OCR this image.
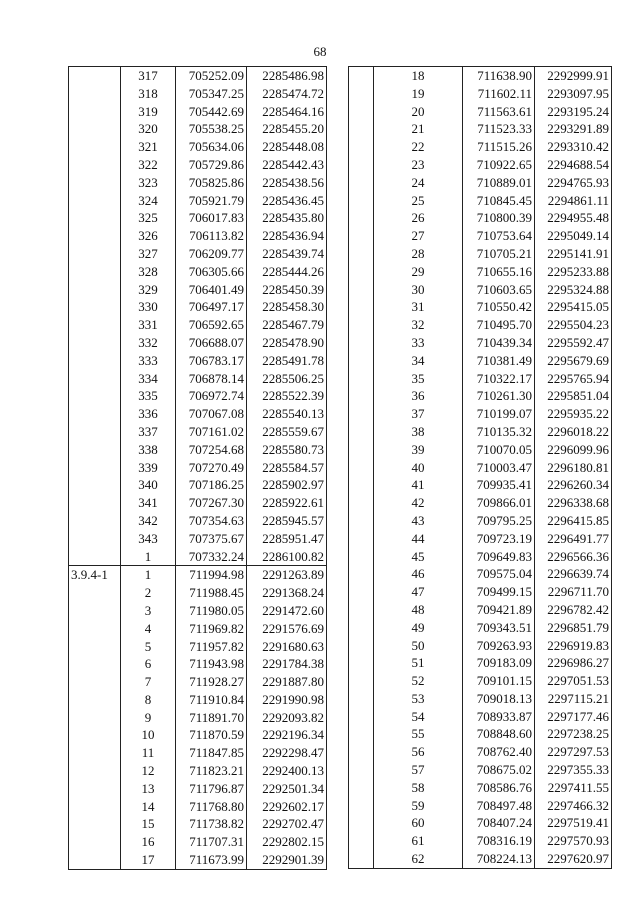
68
	317	705252.09	2285486.98
	318	705347.25	2285474.72
	319	705442.69	2285464.16
	320	705538.25	2285455.20
	321	705634.06	2285448.08
	322	705729.86	2285442.43
	323	705825.86	2285438.56
	324	705921.79	2285436.45
	325	706017.83	2285435.80
	326	706113.82	2285436.94
	327	706209.77	2285439.74
	328	706305.66	2285444.26
	329	706401.49	2285450.39
	330	706497.17	2285458.30
	331	706592.65	2285467.79
	332	706688.07	2285478.90
	333	706783.17	2285491.78
	334	706878.14	2285506.25
	335	706972.74	2285522.39
	336	707067.08	2285540.13
	337	707161.02	2285559.67
	338	707254.68	2285580.73
	339	707270.49	2285584.57
	340	707186.25	2285902.97
	341	707267.30	2285922.61
	342	707354.63	2285945.57
	343	707375.67	2285951.47
	1	707332.24	2286100.82
3.9.4-1	1	711994.98	2291263.89
	2	711988.45	2291368.24
	3	711980.05	2291472.60
	4	711969.82	2291576.69
	5	711957.82	2291680.63
	6	711943.98	2291784.38
	7	711928.27	2291887.80
	8	711910.84	2291990.98
	9	711891.70	2292093.82
	10	711870.59	2292196.34
	11	711847.85	2292298.47
	12	711823.21	2292400.13
	13	711796.87	2292501.34
	14	711768.80	2292602.17
	15	711738.82	2292702.47
	16	711707.31	2292802.15
	17	711673.99	2292901.39
	18	711638.90	2292999.91
	19	711602.11	2293097.95
	20	711563.61	2293195.24
	21	711523.33	2293291.89
	22	711515.26	2293310.42
	23	710922.65	2294688.54
	24	710889.01	2294765.93
	25	710845.45	2294861.11
	26	710800.39	2294955.48
	27	710753.64	2295049.14
	28	710705.21	2295141.91
	29	710655.16	2295233.88
	30	710603.65	2295324.88
	31	710550.42	2295415.05
	32	710495.70	2295504.23
	33	710439.34	2295592.47
	34	710381.49	2295679.69
	35	710322.17	2295765.94
	36	710261.30	2295851.04
	37	710199.07	2295935.22
	38	710135.32	2296018.22
	39	710070.05	2296099.96
	40	710003.47	2296180.81
	41	709935.41	2296260.34
	42	709866.01	2296338.68
	43	709795.25	2296415.85
	44	709723.19	2296491.77
	45	709649.83	2296566.36
	46	709575.04	2296639.74
	47	709499.15	2296711.70
	48	709421.89	2296782.42
	49	709343.51	2296851.79
	50	709263.93	2296919.83
	51	709183.09	2296986.27
	52	709101.15	2297051.53
	53	709018.13	2297115.21
	54	708933.87	2297177.46
	55	708848.60	2297238.25
	56	708762.40	2297297.53
	57	708675.02	2297355.33
	58	708586.76	2297411.55
	59	708497.48	2297466.32
	60	708407.24	2297519.41
	61	708316.19	2297570.93
	62	708224.13	2297620.97
